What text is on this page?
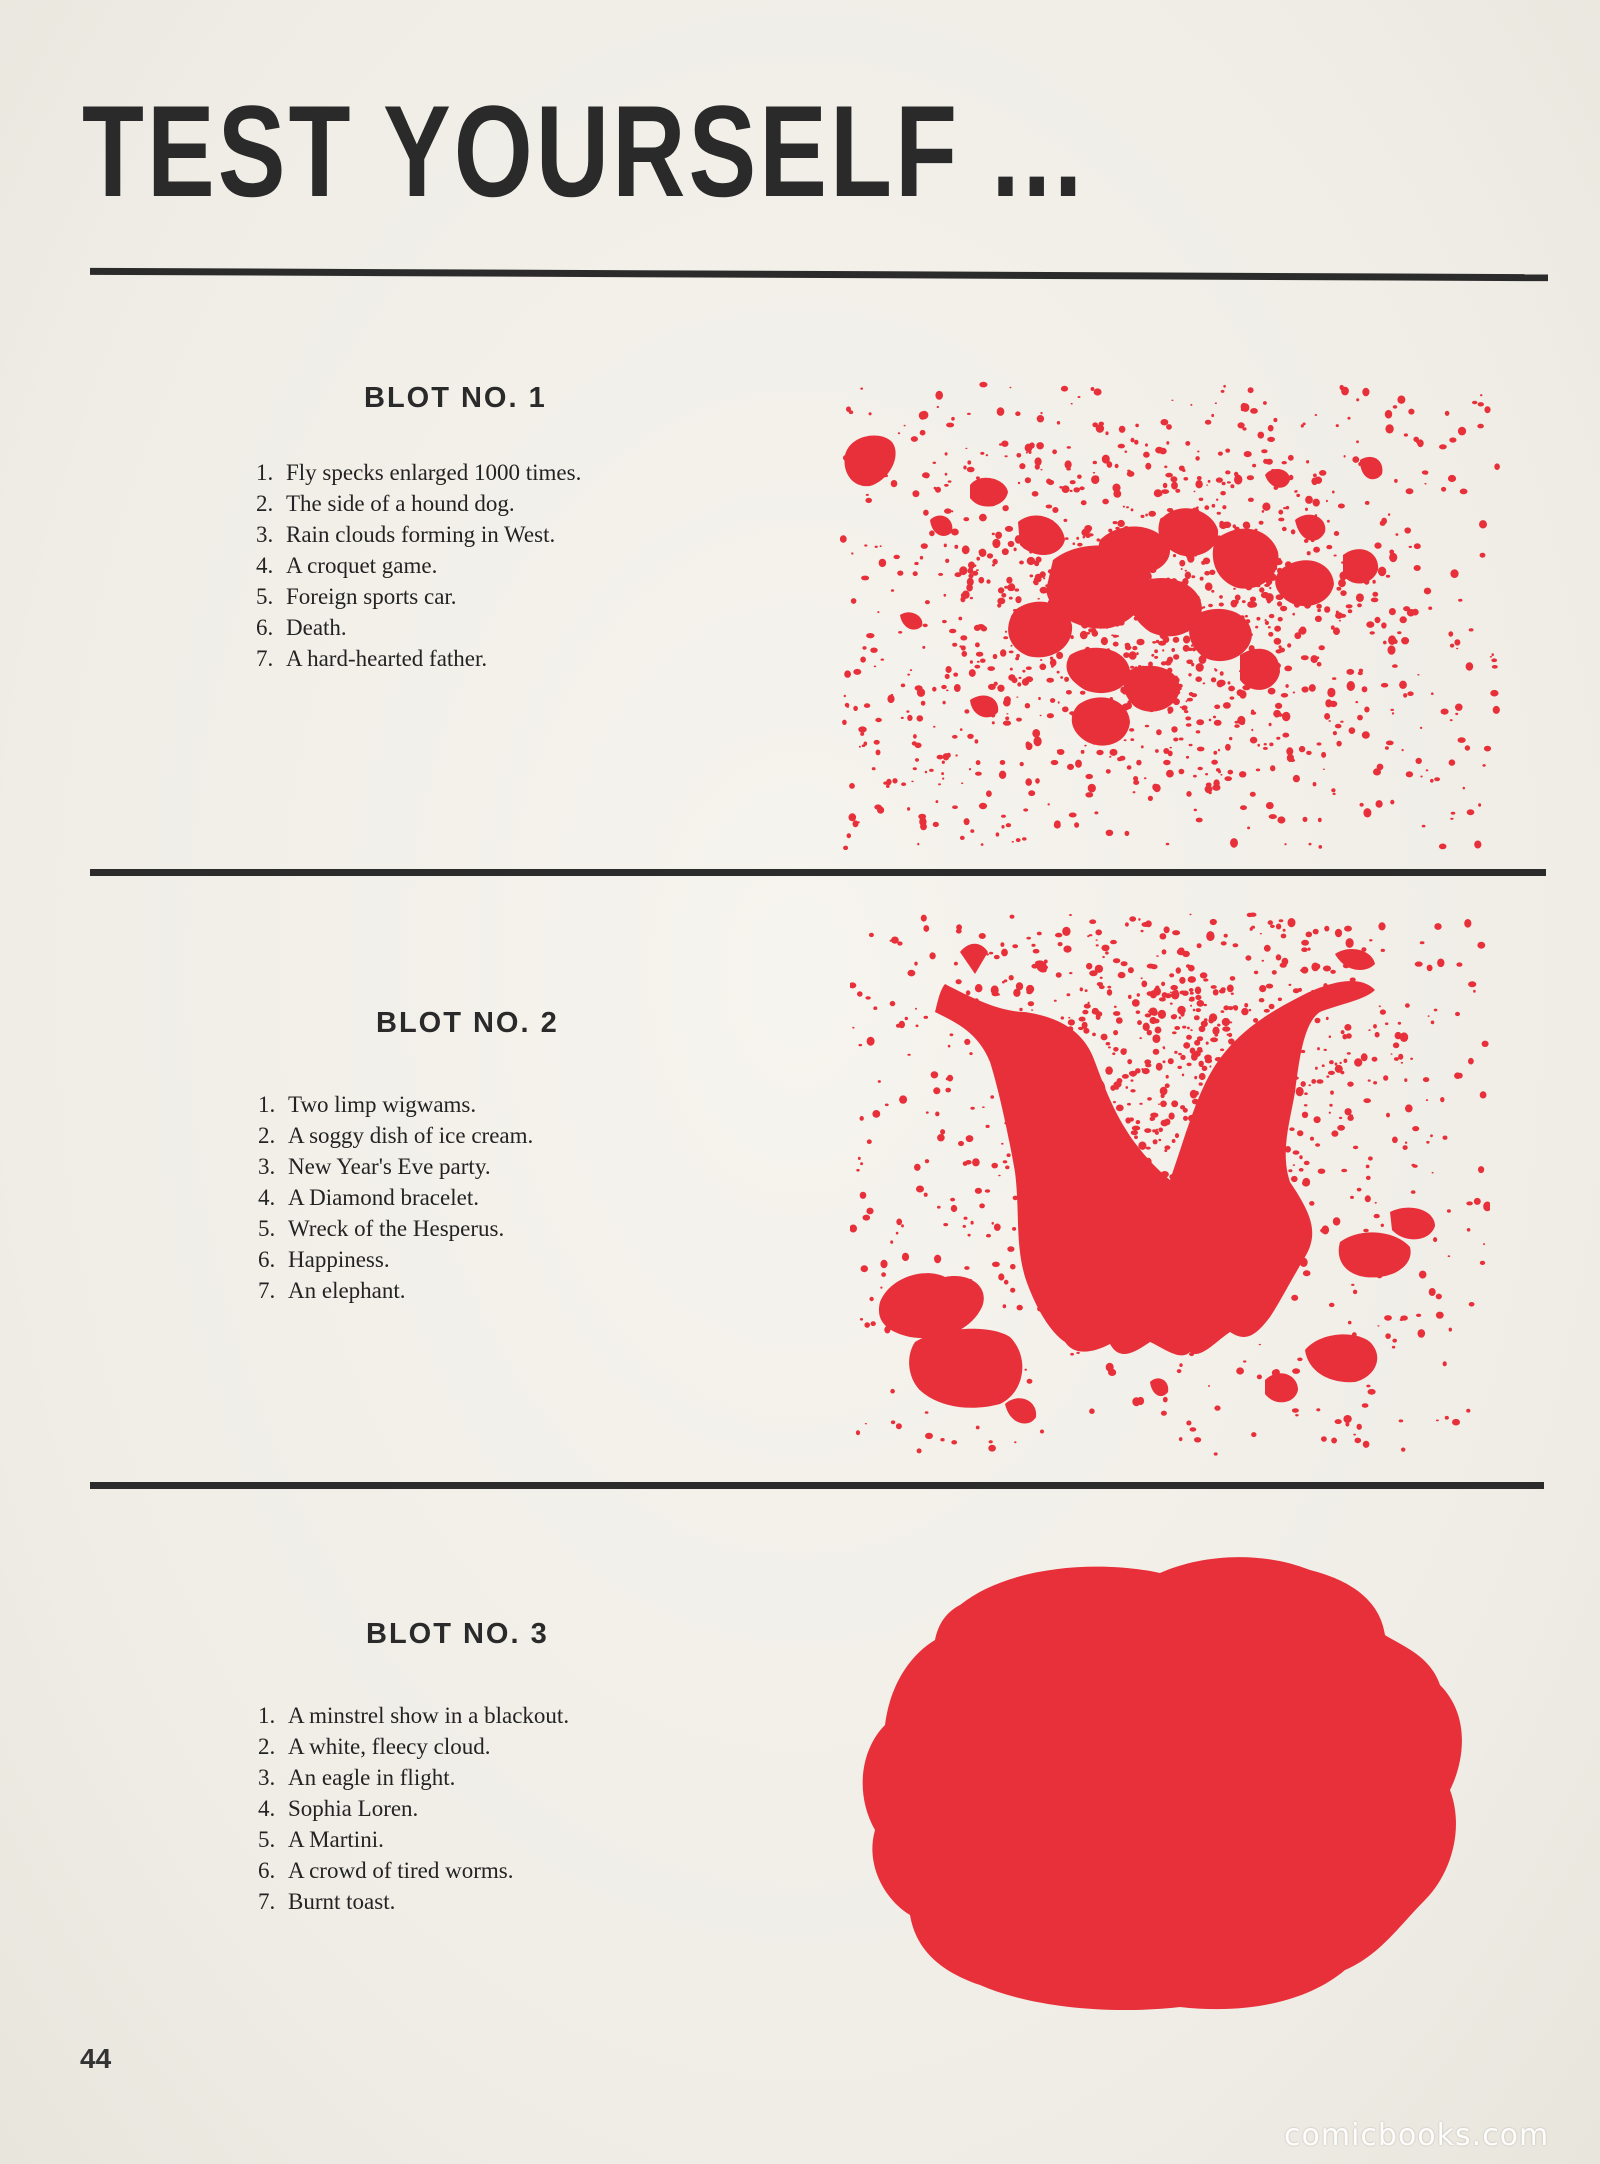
TEST YOURSELF ...
BLOT NO. 1
1. Fly specks enlarged 1000 times.
2. The side of a hound dog.
3. Rain clouds forming in West.
4. A croquet game.
5. Foreign sports car.
6. Death.
7. A hard-hearted father.
BLOT NO. 2
1. Two limp wigwams.
2. A soggy dish of ice cream.
3. New Year's Eve party.
4. A Diamond bracelet.
5. Wreck of the Hesperus.
6. Happiness.
7. An elephant.
BLOT NO. 3
1. A minstrel show in a blackout.
2. A white, fleecy cloud.
3. An eagle in flight.
4. Sophia Loren.
5. A Martini.
6. A crowd of tired worms.
7. Burnt toast.
44
comicbooks.com
